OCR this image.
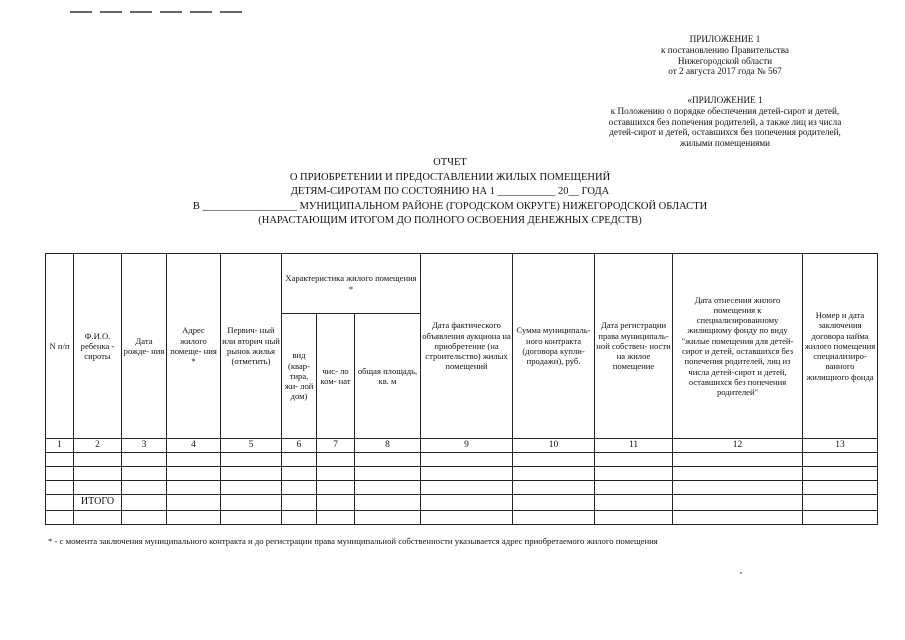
ПРИЛОЖЕНИЕ 1
к постановлению Правительства
Нижегородской области
от 2 августа 2017 года № 567
«ПРИЛОЖЕНИЕ 1
к Положению о порядке обеспечения детей-сирот и детей,
оставшихся без попечения родителей, а также лиц из числа
детей-сирот и детей, оставшихся без попечения родителей,
жилыми помещениями
ОТЧЕТ
О ПРИОБРЕТЕНИИ И ПРЕДОСТАВЛЕНИИ ЖИЛЫХ ПОМЕЩЕНИЙ
ДЕТЯМ-СИРОТАМ ПО СОСТОЯНИЮ НА 1 ___________ 20__ ГОДА
В __________________ МУНИЦИПАЛЬНОМ РАЙОНЕ (ГОРОДСКОМ ОКРУГЕ) НИЖЕГОРОДСКОЙ ОБЛАСТИ
(НАРАСТАЮЩИМ ИТОГОМ ДО ПОЛНОГО ОСВОЕНИЯ ДЕНЕЖНЫХ СРЕДСТВ)
N п/п	Ф.И.О. ребенка - сироты	Дата рожде- ния	Адрес жилого помеще- ния *	Первич- ный или вторич ный рынок жилья (отметить)	Характеристика жилого помещения *			Дата фактического объявления аукциона на приобретение (на строительство) жилых помещений	Сумма муниципаль- ного контракта (договора купли- продажи), руб.	Дата регистрации права муниципаль- ной собствен- ности на жилое помещение	Дата отнесения жилого помещения к специализированному жилищному фонду по виду "жилые помещения для детей-сирот и детей, оставшихся без попечения родителей, лиц из числа детей-сирот и детей, оставшихся без попечения родителей"	Номер и дата заключения договора найма жилого помещения специализиро- ванного жилищного фонда
					вид (квар- тира, жи- лой дом)	чис- ло ком- нат	общая площадь, кв. м					
1	2	3	4	5	6	7	8	9	10	11	12	13

	ИТОГО											

* - с момента заключения муниципального контракта и до регистрации права муниципальной собственности указывается адрес приобретаемого жилого помещения
